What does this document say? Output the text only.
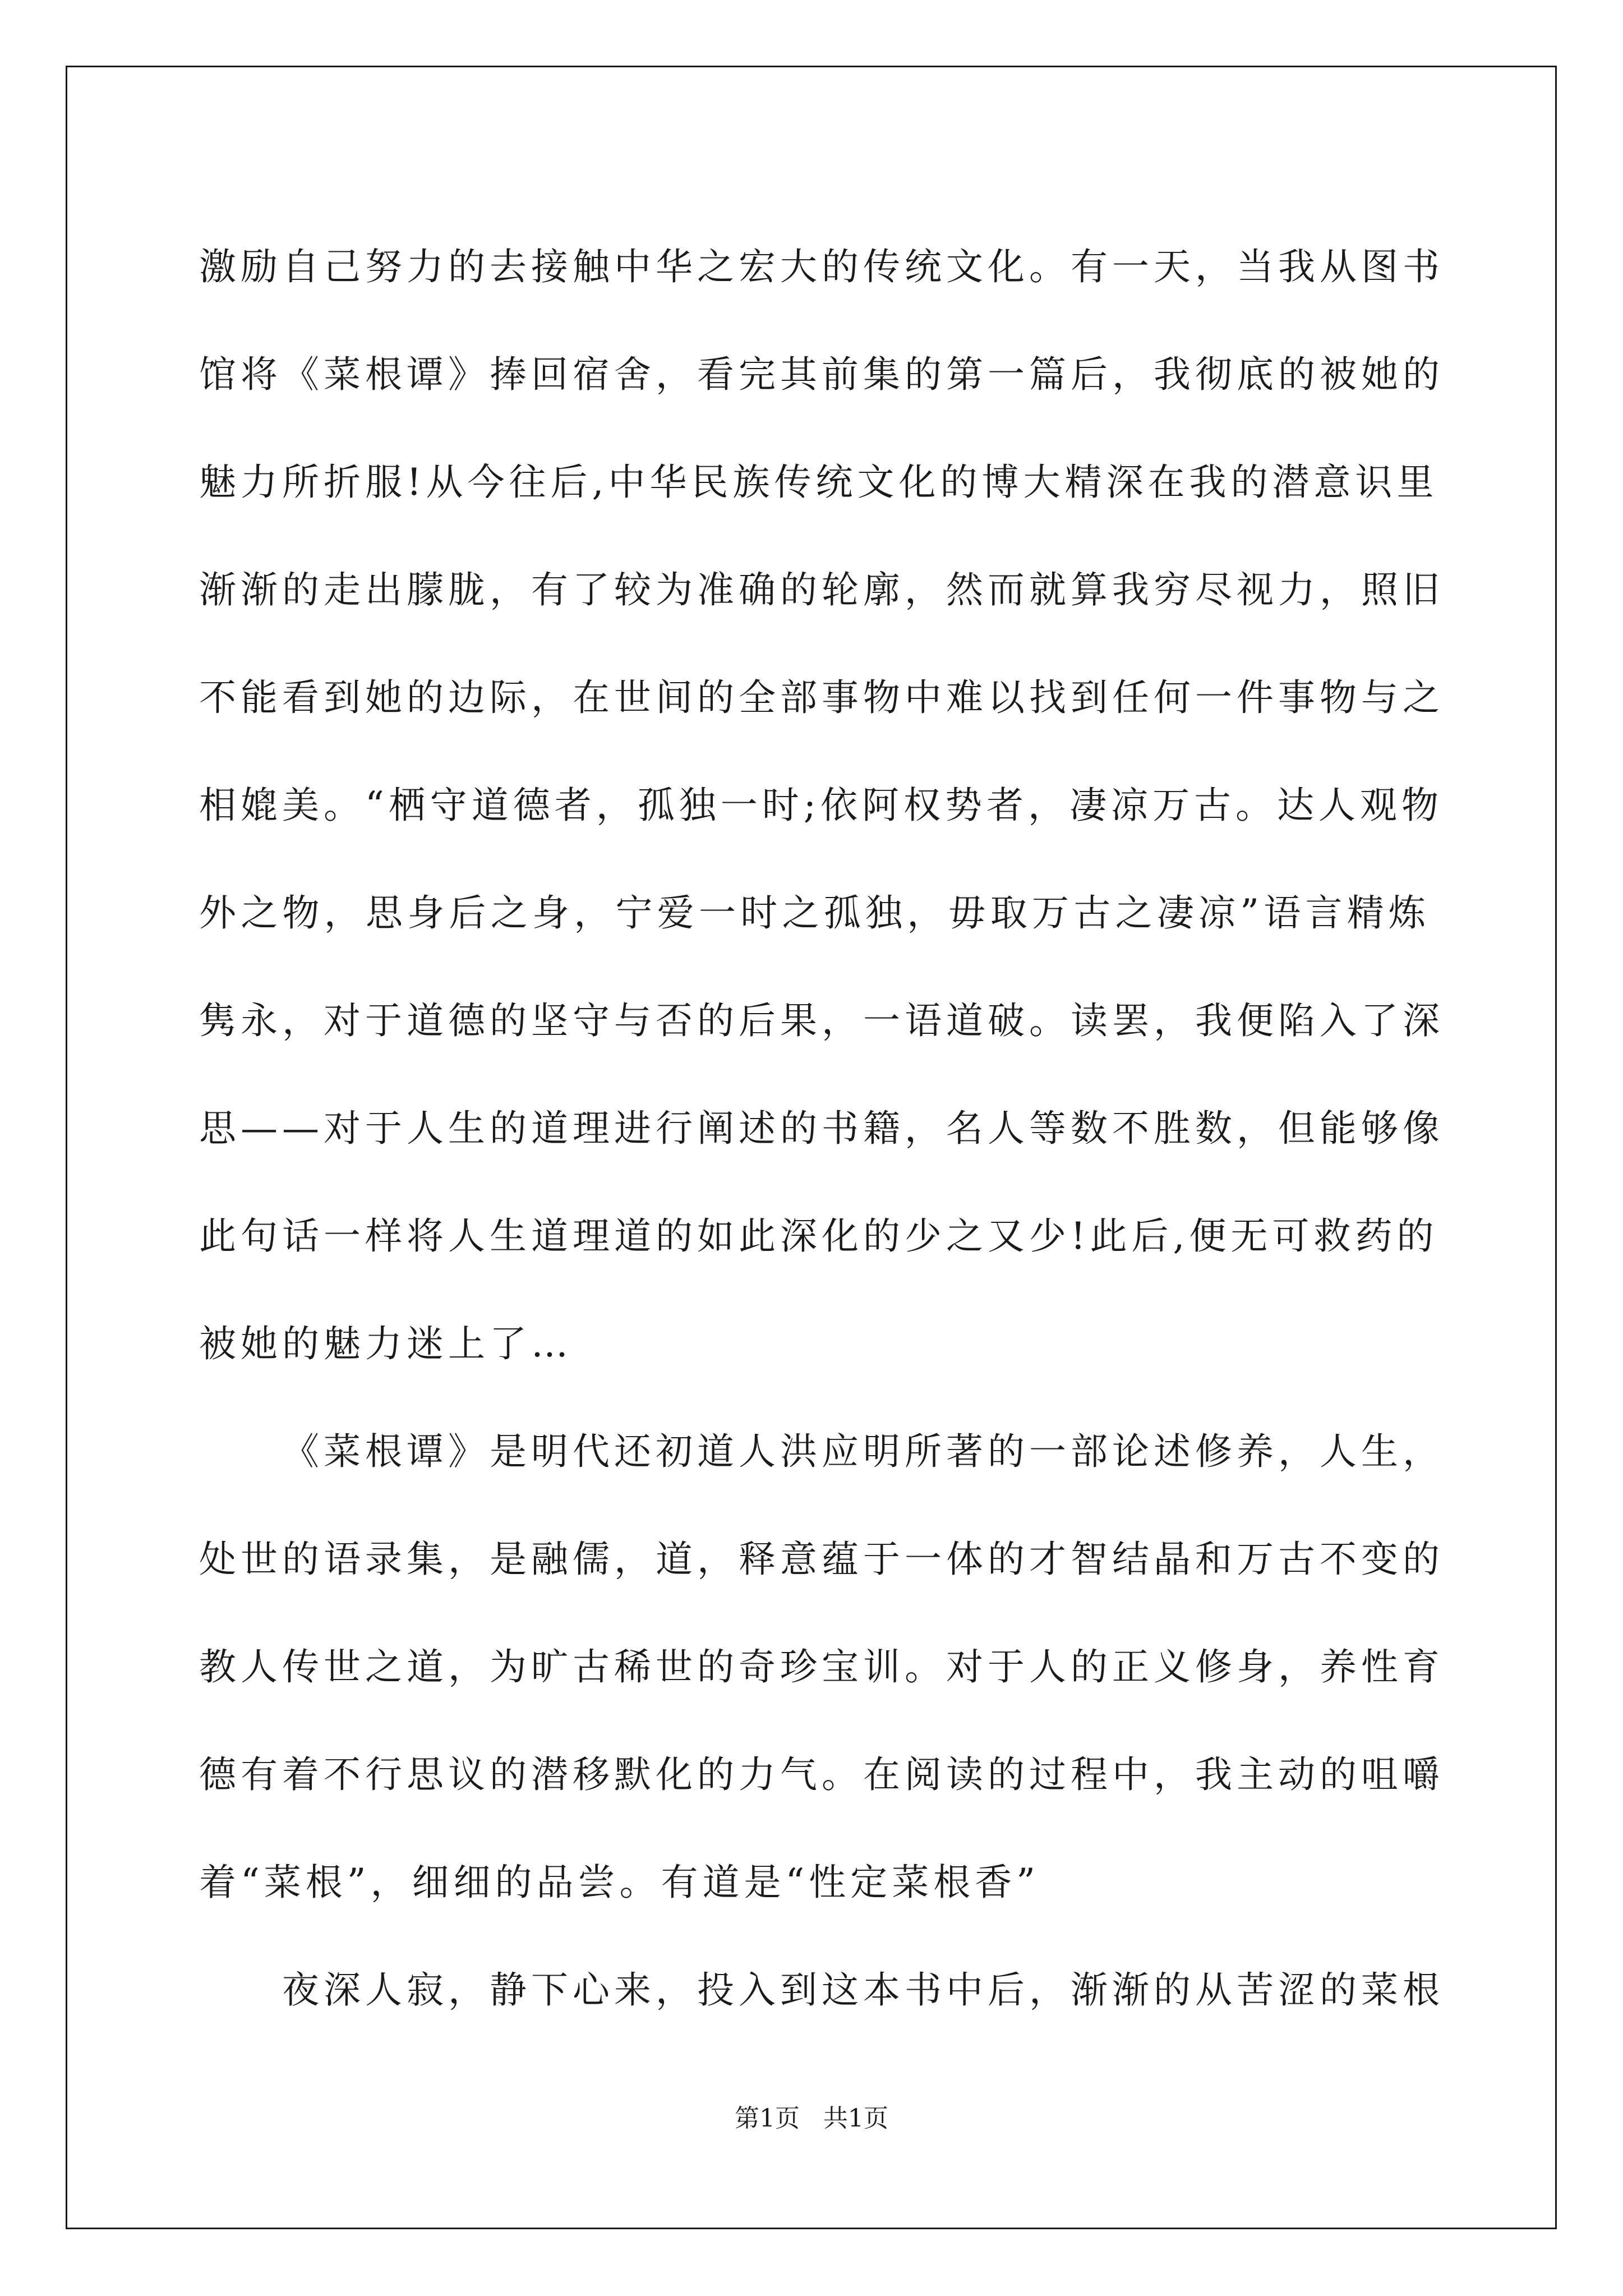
激励自己努力的去接触中华之宏大的传统文化。有一天，当我从图书
馆将《菜根谭》捧回宿舍，看完其前集的第一篇后，我彻底的被她的
魅力所折服!从今往后,中华民族传统文化的博大精深在我的潜意识里
渐渐的走出朦胧，有了较为准确的轮廓，然而就算我穷尽视力，照旧
不能看到她的边际，在世间的全部事物中难以找到任何一件事物与之
相媲美。“栖守道德者，孤独一时;依阿权势者，凄凉万古。达人观物
外之物，思身后之身，宁爱一时之孤独，毋取万古之凄凉”语言精炼
隽永，对于道德的坚守与否的后果，一语道破。读罢，我便陷入了深
思——对于人生的道理进行阐述的书籍，名人等数不胜数，但能够像
此句话一样将人生道理道的如此深化的少之又少!此后,便无可救药的
被她的魅力迷上了…
《菜根谭》是明代还初道人洪应明所著的一部论述修养，人生，
处世的语录集，是融儒，道，释意蕴于一体的才智结晶和万古不变的
教人传世之道，为旷古稀世的奇珍宝训。对于人的正义修身，养性育
德有着不行思议的潜移默化的力气。在阅读的过程中，我主动的咀嚼
着“菜根”，细细的品尝。有道是“性定菜根香”
夜深人寂，静下心来，投入到这本书中后，渐渐的从苦涩的菜根
第1页 共1页
